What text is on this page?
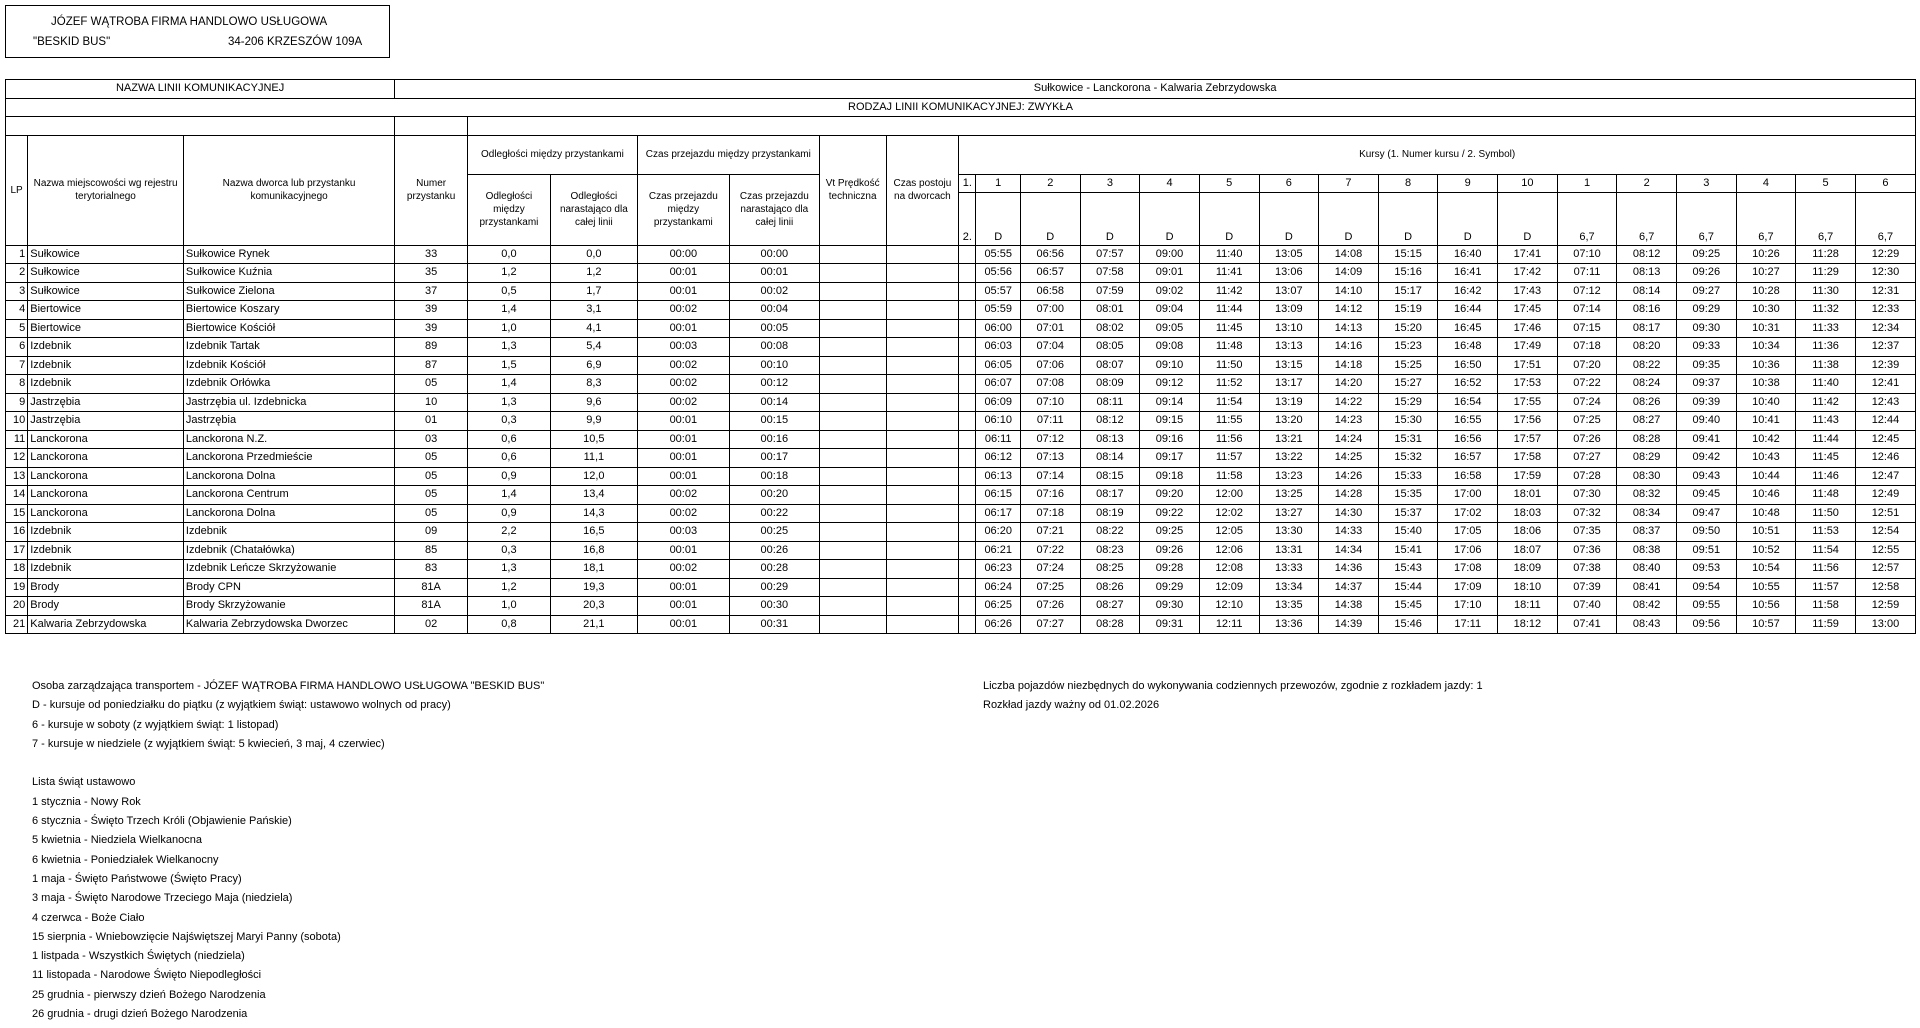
JÓZEF WĄTROBA FIRMA HANDLOWO USŁUGOWA
"BESKID BUS"	34-206 KRZESZÓW 109A
NAZWA LINII KOMUNIKACYJNEJ			Sułkowice - Lanckorona - Kalwaria Zebrzydowska																							
RODZAJ LINII KOMUNIKACYJNEJ: ZWYKŁA																										

LP	Nazwa miejscowości wg rejestru terytorialnego	Nazwa dworca lub przystanku komunikacyjnego	Numer przystanku	Odległości między przystankami		Czas przejazdu między przystankami		Vt Prędkość techniczna	Czas postoju na dworcach	Kursy (1. Numer kursu / 2. Symbol)																
				Odległości między przystankami	Odległości narastająco dla całej linii	Czas przejazdu między przystankami	Czas przejazdu narastająco dla całej linii			1.	1	2	3	4	5	6	7	8	9	10	1	2	3	4	5	6
										2.	D	D	D	D	D	D	D	D	D	D	6,7	6,7	6,7	6,7	6,7	6,7
1	Sułkowice	Sułkowice Rynek	33	0,0	0,0	00:00	00:00				05:55	06:56	07:57	09:00	11:40	13:05	14:08	15:15	16:40	17:41	07:10	08:12	09:25	10:26	11:28	12:29
2	Sułkowice	Sułkowice Kuźnia	35	1,2	1,2	00:01	00:01				05:56	06:57	07:58	09:01	11:41	13:06	14:09	15:16	16:41	17:42	07:11	08:13	09:26	10:27	11:29	12:30
3	Sułkowice	Sułkowice Zielona	37	0,5	1,7	00:01	00:02				05:57	06:58	07:59	09:02	11:42	13:07	14:10	15:17	16:42	17:43	07:12	08:14	09:27	10:28	11:30	12:31
4	Biertowice	Biertowice Koszary	39	1,4	3,1	00:02	00:04				05:59	07:00	08:01	09:04	11:44	13:09	14:12	15:19	16:44	17:45	07:14	08:16	09:29	10:30	11:32	12:33
5	Biertowice	Biertowice Kościół	39	1,0	4,1	00:01	00:05				06:00	07:01	08:02	09:05	11:45	13:10	14:13	15:20	16:45	17:46	07:15	08:17	09:30	10:31	11:33	12:34
6	Izdebnik	Izdebnik Tartak	89	1,3	5,4	00:03	00:08				06:03	07:04	08:05	09:08	11:48	13:13	14:16	15:23	16:48	17:49	07:18	08:20	09:33	10:34	11:36	12:37
7	Izdebnik	Izdebnik Kościół	87	1,5	6,9	00:02	00:10				06:05	07:06	08:07	09:10	11:50	13:15	14:18	15:25	16:50	17:51	07:20	08:22	09:35	10:36	11:38	12:39
8	Izdebnik	Izdebnik Orłówka	05	1,4	8,3	00:02	00:12				06:07	07:08	08:09	09:12	11:52	13:17	14:20	15:27	16:52	17:53	07:22	08:24	09:37	10:38	11:40	12:41
9	Jastrzębia	Jastrzębia ul. Izdebnicka	10	1,3	9,6	00:02	00:14				06:09	07:10	08:11	09:14	11:54	13:19	14:22	15:29	16:54	17:55	07:24	08:26	09:39	10:40	11:42	12:43
10	Jastrzębia	Jastrzębia	01	0,3	9,9	00:01	00:15				06:10	07:11	08:12	09:15	11:55	13:20	14:23	15:30	16:55	17:56	07:25	08:27	09:40	10:41	11:43	12:44
11	Lanckorona	Lanckorona N.Z.	03	0,6	10,5	00:01	00:16				06:11	07:12	08:13	09:16	11:56	13:21	14:24	15:31	16:56	17:57	07:26	08:28	09:41	10:42	11:44	12:45
12	Lanckorona	Lanckorona Przedmieście	05	0,6	11,1	00:01	00:17				06:12	07:13	08:14	09:17	11:57	13:22	14:25	15:32	16:57	17:58	07:27	08:29	09:42	10:43	11:45	12:46
13	Lanckorona	Lanckorona Dolna	05	0,9	12,0	00:01	00:18				06:13	07:14	08:15	09:18	11:58	13:23	14:26	15:33	16:58	17:59	07:28	08:30	09:43	10:44	11:46	12:47
14	Lanckorona	Lanckorona Centrum	05	1,4	13,4	00:02	00:20				06:15	07:16	08:17	09:20	12:00	13:25	14:28	15:35	17:00	18:01	07:30	08:32	09:45	10:46	11:48	12:49
15	Lanckorona	Lanckorona Dolna	05	0,9	14,3	00:02	00:22				06:17	07:18	08:19	09:22	12:02	13:27	14:30	15:37	17:02	18:03	07:32	08:34	09:47	10:48	11:50	12:51
16	Izdebnik	Izdebnik	09	2,2	16,5	00:03	00:25				06:20	07:21	08:22	09:25	12:05	13:30	14:33	15:40	17:05	18:06	07:35	08:37	09:50	10:51	11:53	12:54
17	Izdebnik	Izdebnik (Chatałówka)	85	0,3	16,8	00:01	00:26				06:21	07:22	08:23	09:26	12:06	13:31	14:34	15:41	17:06	18:07	07:36	08:38	09:51	10:52	11:54	12:55
18	Izdebnik	Izdebnik Leńcze Skrzyżowanie	83	1,3	18,1	00:02	00:28				06:23	07:24	08:25	09:28	12:08	13:33	14:36	15:43	17:08	18:09	07:38	08:40	09:53	10:54	11:56	12:57
19	Brody	Brody CPN	81A	1,2	19,3	00:01	00:29				06:24	07:25	08:26	09:29	12:09	13:34	14:37	15:44	17:09	18:10	07:39	08:41	09:54	10:55	11:57	12:58
20	Brody	Brody Skrzyżowanie	81A	1,0	20,3	00:01	00:30				06:25	07:26	08:27	09:30	12:10	13:35	14:38	15:45	17:10	18:11	07:40	08:42	09:55	10:56	11:58	12:59
21	Kalwaria Zebrzydowska	Kalwaria Zebrzydowska Dworzec	02	0,8	21,1	00:01	00:31				06:26	07:27	08:28	09:31	12:11	13:36	14:39	15:46	17:11	18:12	07:41	08:43	09:56	10:57	11:59	13:00
Osoba zarządzająca transportem - JÓZEF WĄTROBA FIRMA HANDLOWO USŁUGOWA "BESKID BUS"
D - kursuje od poniedziałku do piątku (z wyjątkiem świąt: ustawowo wolnych od pracy)
6 - kursuje w soboty (z wyjątkiem świąt: 1 listopad)
7 - kursuje w niedziele (z wyjątkiem świąt: 5 kwiecień, 3 maj, 4 czerwiec)
Lista świąt ustawowo
1 stycznia - Nowy Rok
6 stycznia - Święto Trzech Króli (Objawienie Pańskie)
5 kwietnia - Niedziela Wielkanocna
6 kwietnia - Poniedziałek Wielkanocny
1 maja - Święto Państwowe (Święto Pracy)
3 maja - Święto Narodowe Trzeciego Maja (niedziela)
4 czerwca - Boże Ciało
15 sierpnia - Wniebowzięcie Najświętszej Maryi Panny (sobota)
1 listpada - Wszystkich Świętych (niedziela)
11 listopada - Narodowe Święto Niepodległości
25 grudnia - pierwszy dzień Bożego Narodzenia
26 grudnia - drugi dzień Bożego Narodzenia
Liczba pojazdów niezbędnych do wykonywania codziennych przewozów, zgodnie z rozkładem jazdy: 1
Rozkład jazdy ważny od 01.02.2026
